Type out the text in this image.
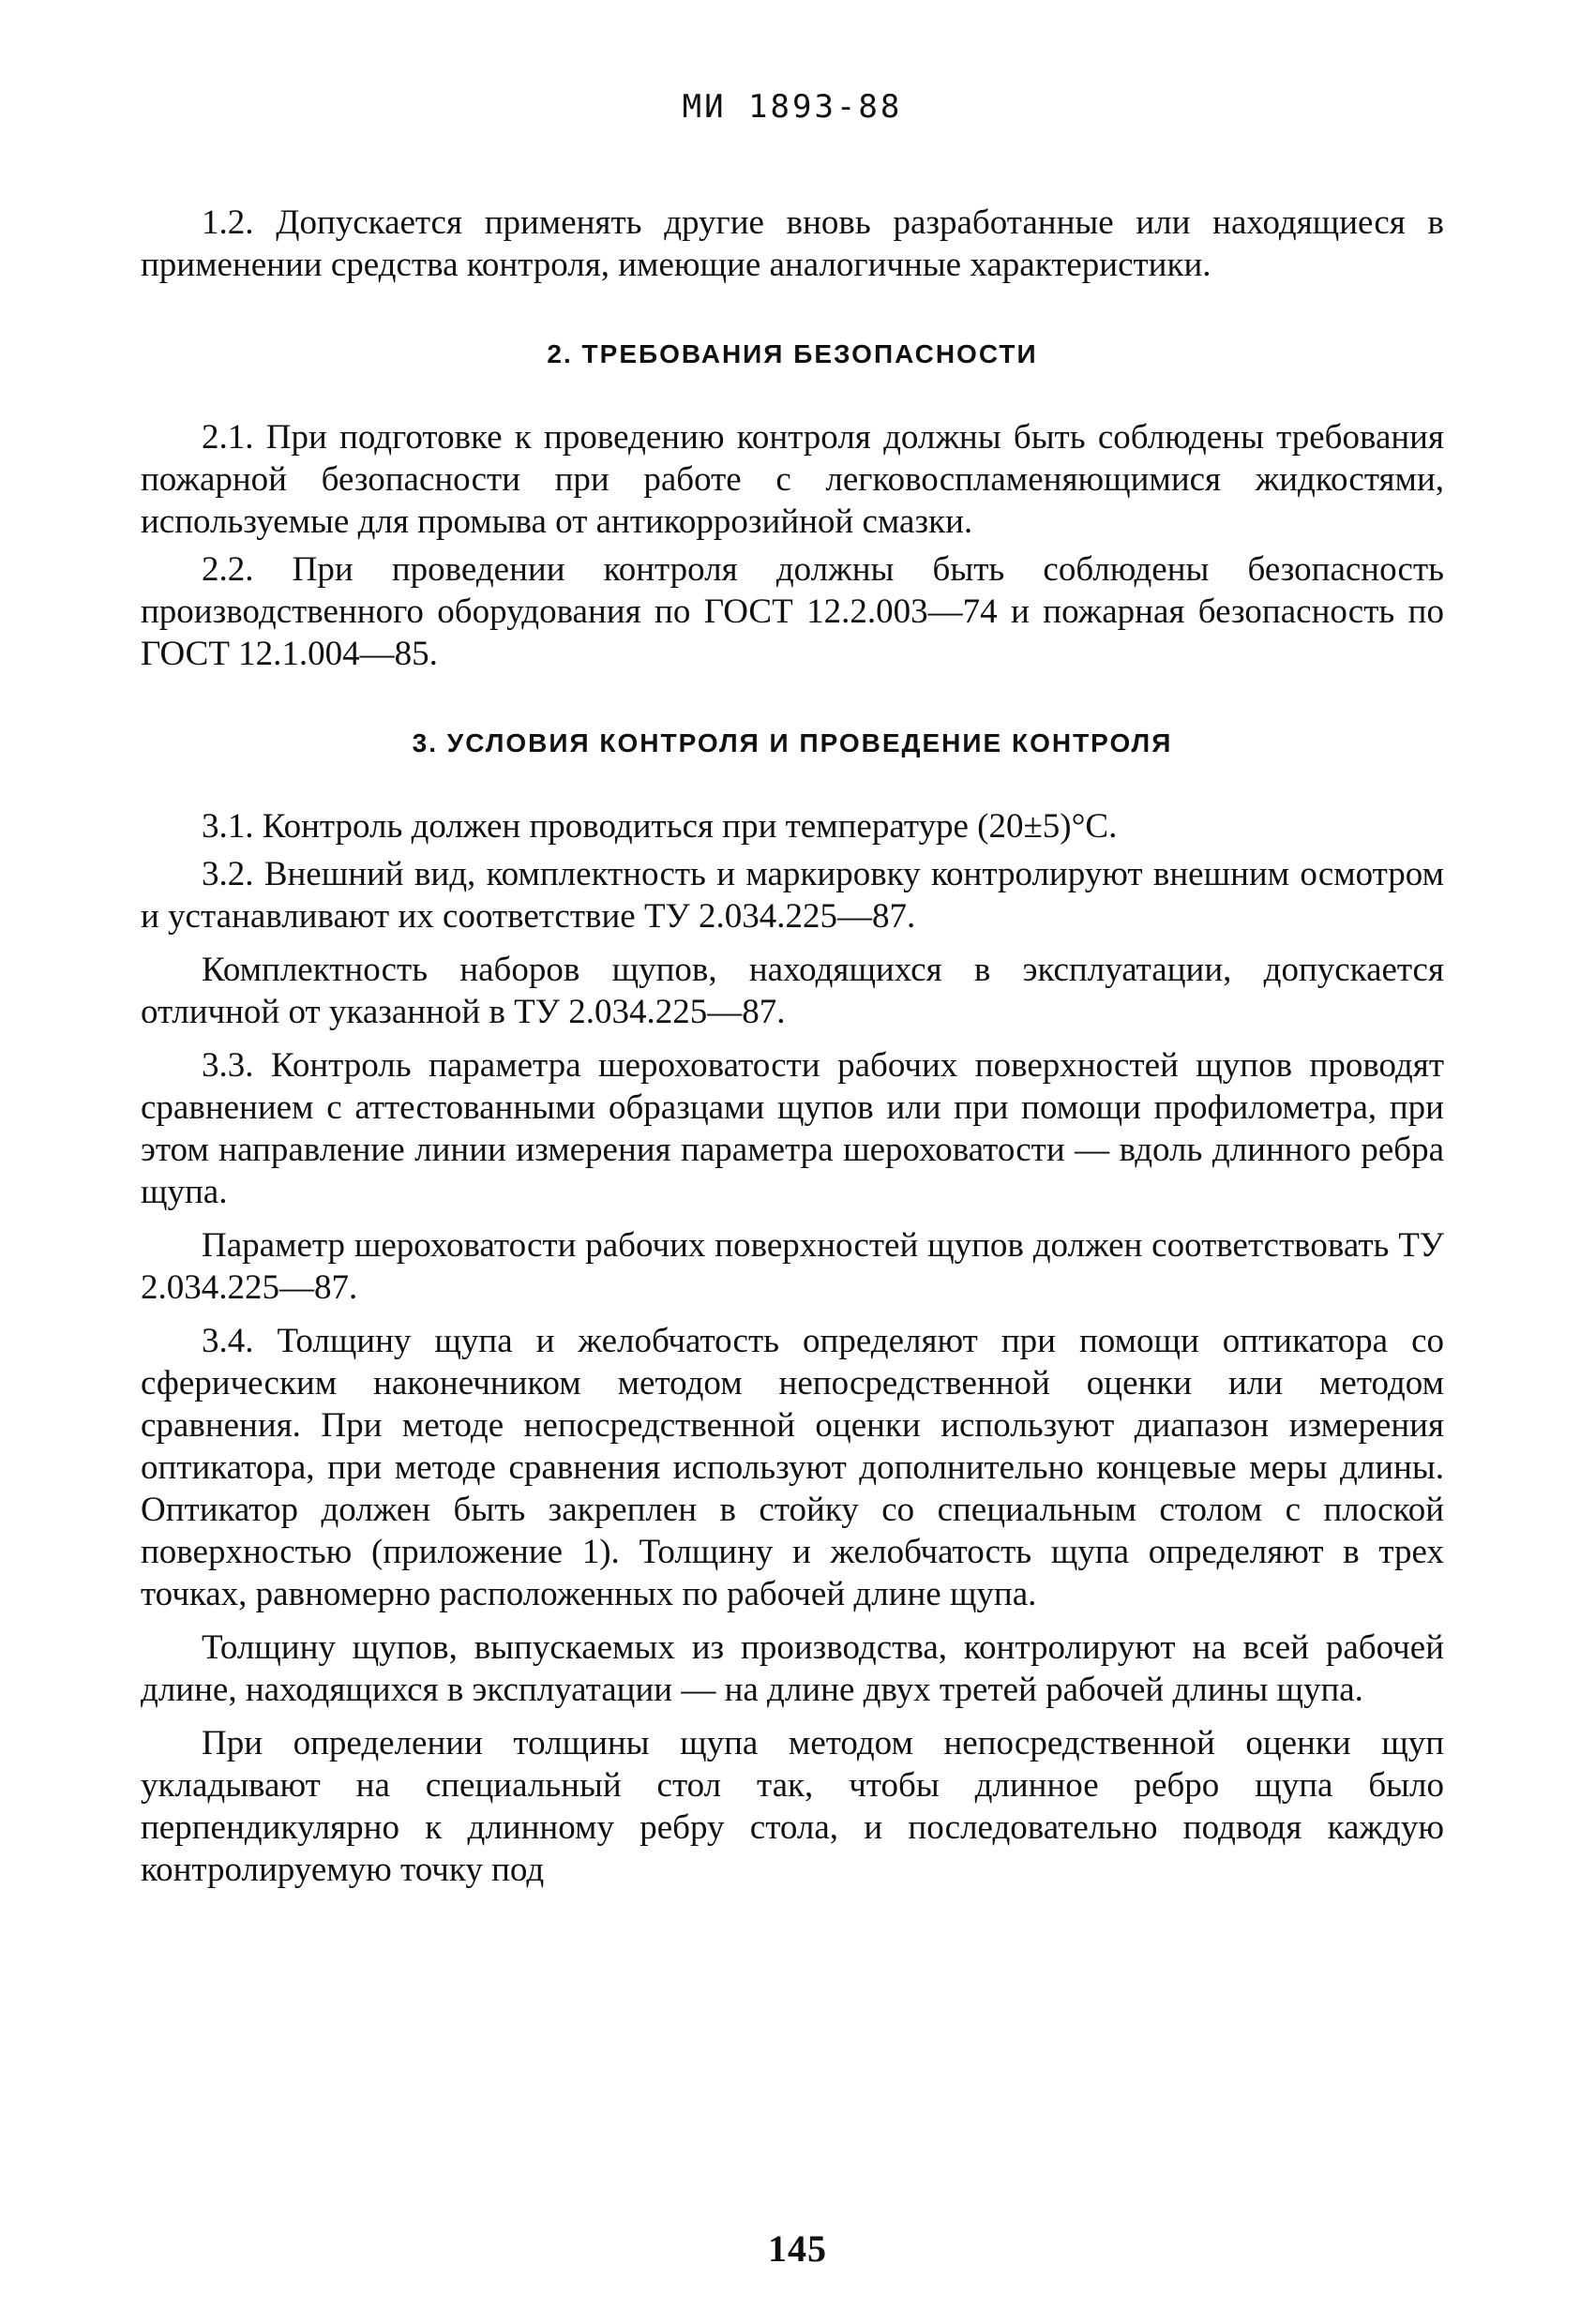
МИ 1893-88

1.2. Допускается применять другие вновь разработанные или находящиеся в применении средства контроля, имеющие аналогичные характеристики.

2. ТРЕБОВАНИЯ БЕЗОПАСНОСТИ

2.1. При подготовке к проведению контроля должны быть соблюдены требования пожарной безопасности при работе с легковоспламеняющимися жидкостями, используемые для промыва от антикоррозийной смазки.

2.2. При проведении контроля должны быть соблюдены безопасность производственного оборудования по ГОСТ 12.2.003—74 и пожарная безопасность по ГОСТ 12.1.004—85.

3. УСЛОВИЯ КОНТРОЛЯ И ПРОВЕДЕНИЕ КОНТРОЛЯ

3.1. Контроль должен проводиться при температуре (20±5)°С.

3.2. Внешний вид, комплектность и маркировку контролируют внешним осмотром и устанавливают их соответствие ТУ 2.034.225—87.

Комплектность наборов щупов, находящихся в эксплуатации, допускается отличной от указанной в ТУ 2.034.225—87.

3.3. Контроль параметра шероховатости рабочих поверхностей щупов проводят сравнением с аттестованными образцами щупов или при помощи профилометра, при этом направление линии измерения параметра шероховатости — вдоль длинного ребра щупа.

Параметр шероховатости рабочих поверхностей щупов должен соответствовать ТУ 2.034.225—87.

3.4. Толщину щупа и желобчатость определяют при помощи оптикатора со сферическим наконечником методом непосредственной оценки или методом сравнения. При методе непосредственной оценки используют диапазон измерения оптикатора, при методе сравнения используют дополнительно концевые меры длины. Оптикатор должен быть закреплен в стойку со специальным столом с плоской поверхностью (приложение 1). Толщину и желобчатость щупа определяют в трех точках, равномерно расположенных по рабочей длине щупа.

Толщину щупов, выпускаемых из производства, контролируют на всей рабочей длине, находящихся в эксплуатации — на длине двух третей рабочей длины щупа.

При определении толщины щупа методом непосредственной оценки щуп укладывают на специальный стол так, чтобы длинное ребро щупа было перпендикулярно к длинному ребру стола, и последовательно подводя каждую контролируемую точку под

145
